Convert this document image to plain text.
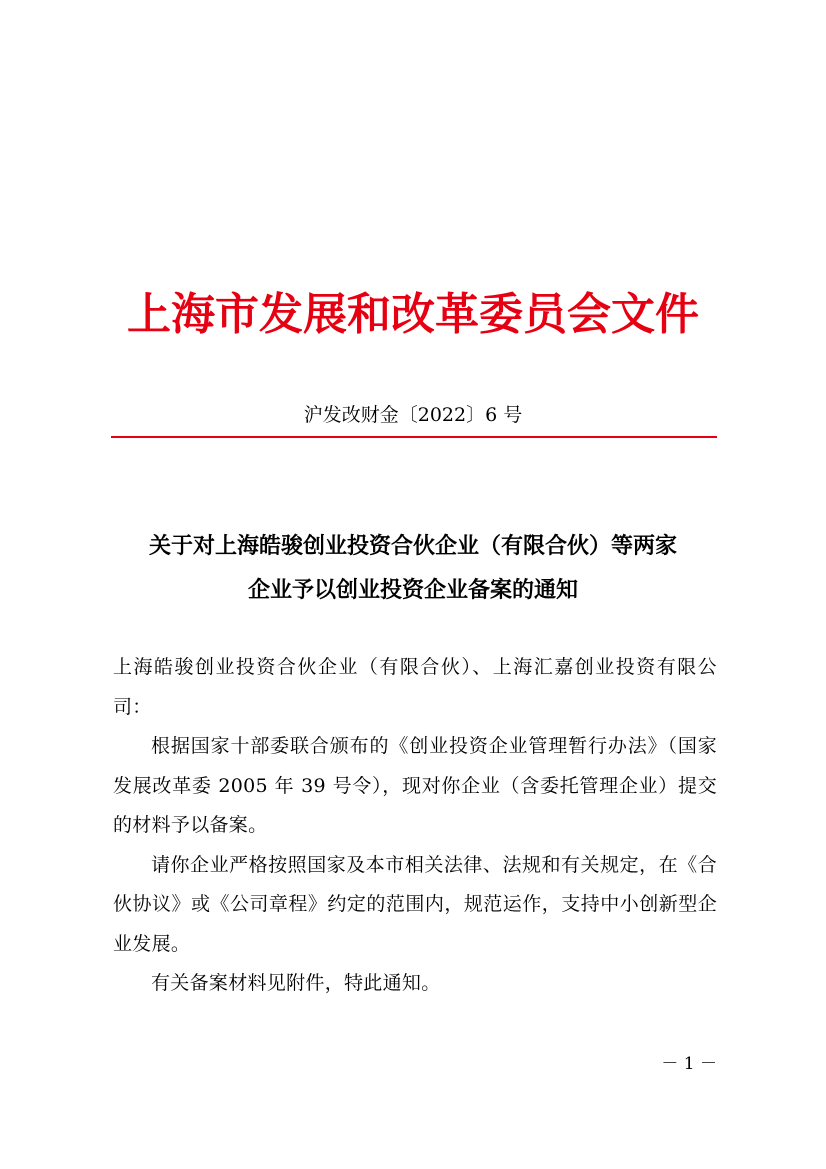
上海市发展和改革委员会文件
沪发改财金〔2022〕6 号
关于对上海皓骏创业投资合伙企业（有限合伙）等两家
企业予以创业投资企业备案的通知

上海皓骏创业投资合伙企业（有限合伙）、上海汇嘉创业投资有限公司：

根据国家十部委联合颁布的《创业投资企业管理暂行办法》（国家发展改革委 2005 年 39 号令），现对你企业（含委托管理企业）提交的材料予以备案。

请你企业严格按照国家及本市相关法律、法规和有关规定，在《合伙协议》或《公司章程》约定的范围内，规范运作，支持中小创新型企业发展。

有关备案材料见附件，特此通知。

－ 1 －
